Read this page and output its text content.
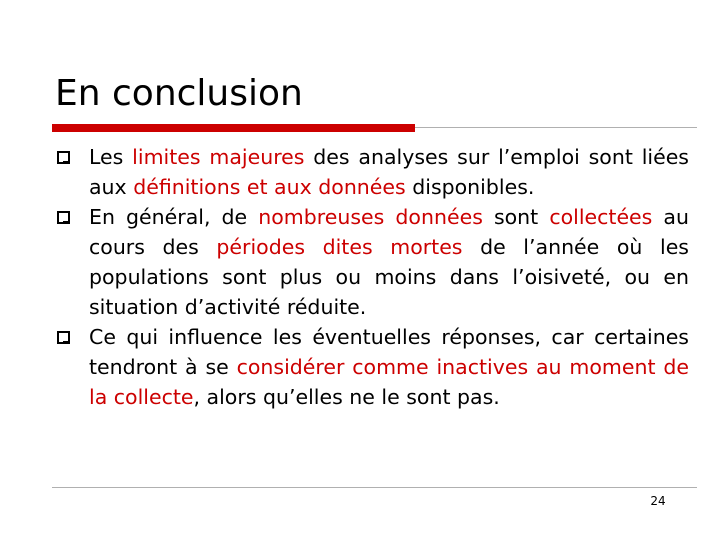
En conclusion
Les limites majeures des analyses sur l’emploi sont liées aux définitions et aux données disponibles.
En général, de nombreuses données sont collectées au cours des périodes dites mortes de l’année où les populations sont plus ou moins dans l’oisiveté, ou en situation d’activité réduite.
Ce qui influence les éventuelles réponses, car certaines tendront à se considérer comme inactives au moment de la collecte, alors qu’elles ne le sont pas.
24
